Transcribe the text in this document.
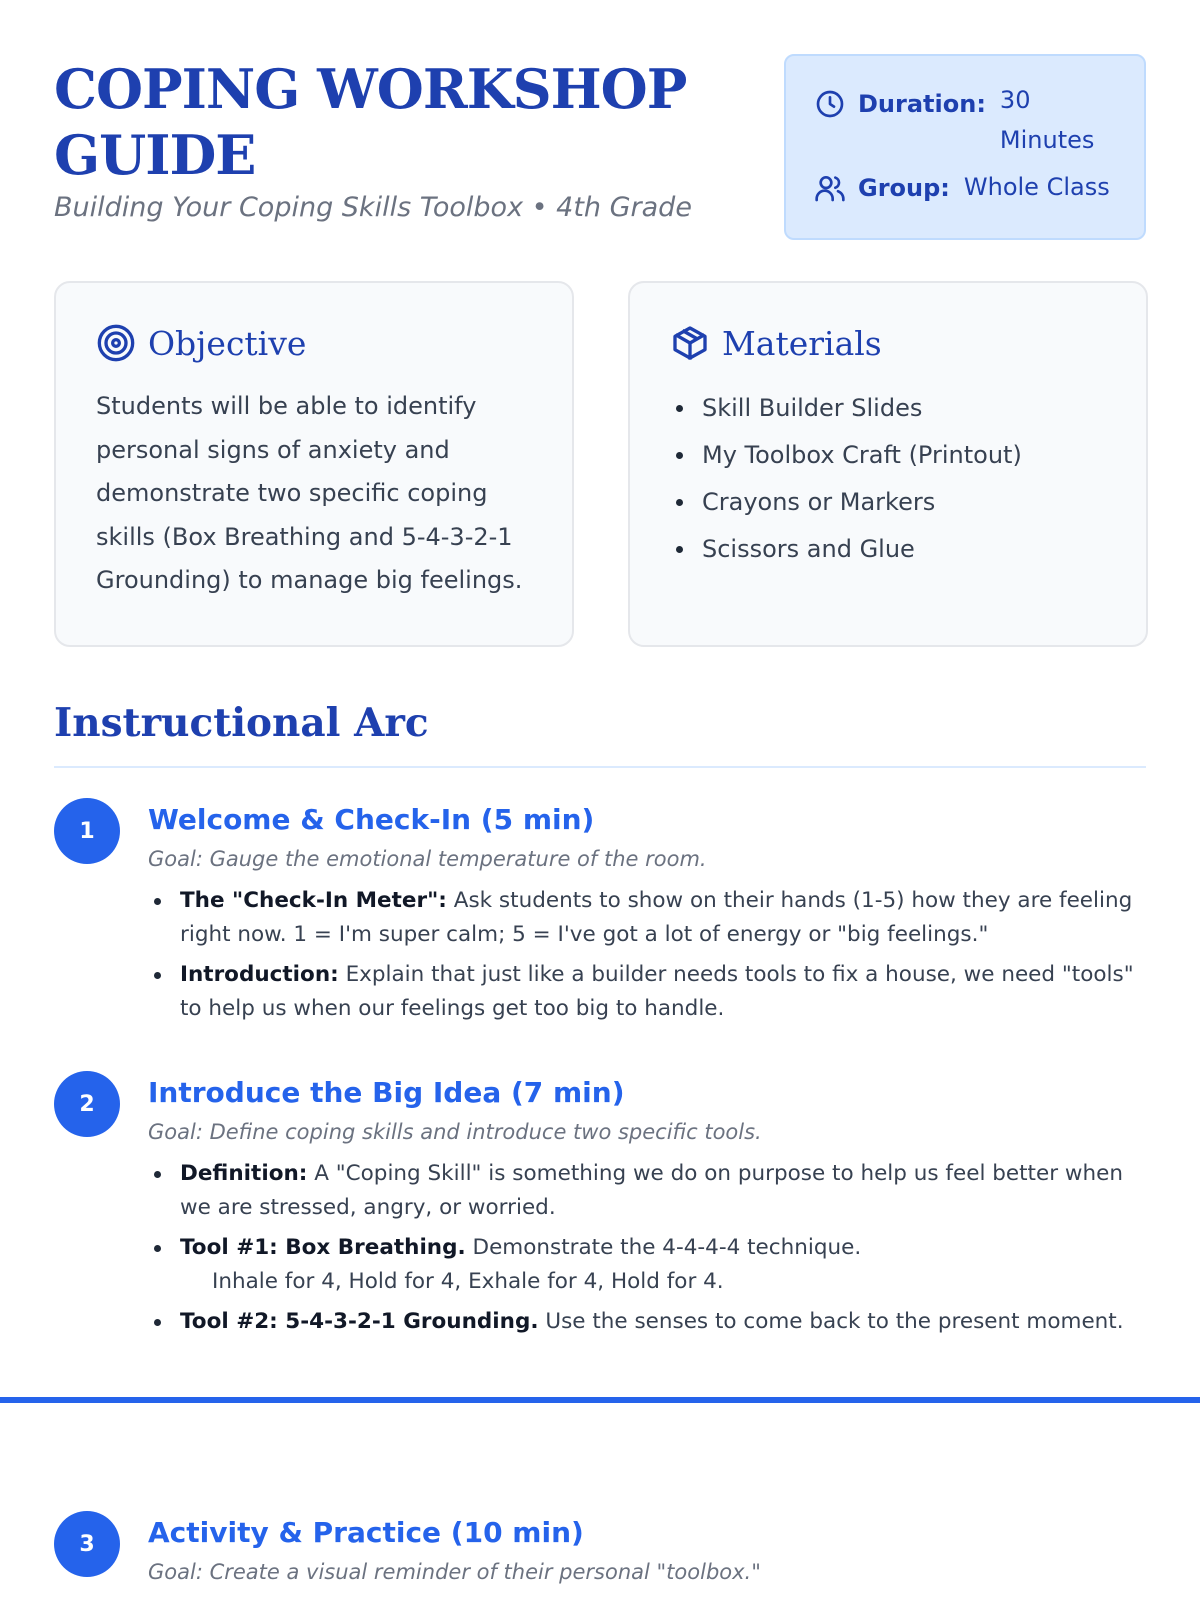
COPING WORKSHOP GUIDE
Building Your Coping Skills Toolbox • 4th Grade
Duration: 30 Minutes
Group: Whole Class
Objective

Students will be able to identify personal signs of anxiety and demonstrate two specific coping skills (Box Breathing and 5-4-3-2-1 Grounding) to manage big feelings.

Materials
Skill Builder Slides
My Toolbox Craft (Printout)
Crayons or Markers
Scissors and Glue
Instructional Arc
1	Welcome & Check-In (5 min)
Goal: Gauge the emotional temperature of the room.
The "Check-In Meter": Ask students to show on their hands (1-5) how they are feeling right now. 1 = I'm super calm; 5 = I've got a lot of energy or "big feelings."
Introduction: Explain that just like a builder needs tools to fix a house, we need "tools" to help us when our feelings get too big to handle.
2	Introduce the Big Idea (7 min)
Goal: Define coping skills and introduce two specific tools.
Definition: A "Coping Skill" is something we do on purpose to help us feel better when we are stressed, angry, or worried.
Tool #1: Box Breathing. Demonstrate the 4-4-4-4 technique.
Inhale for 4, Hold for 4, Exhale for 4, Hold for 4.
Tool #2: 5-4-3-2-1 Grounding. Use the senses to come back to the present moment.
3	Activity & Practice (10 min)
Goal: Create a visual reminder of their personal "toolbox."
